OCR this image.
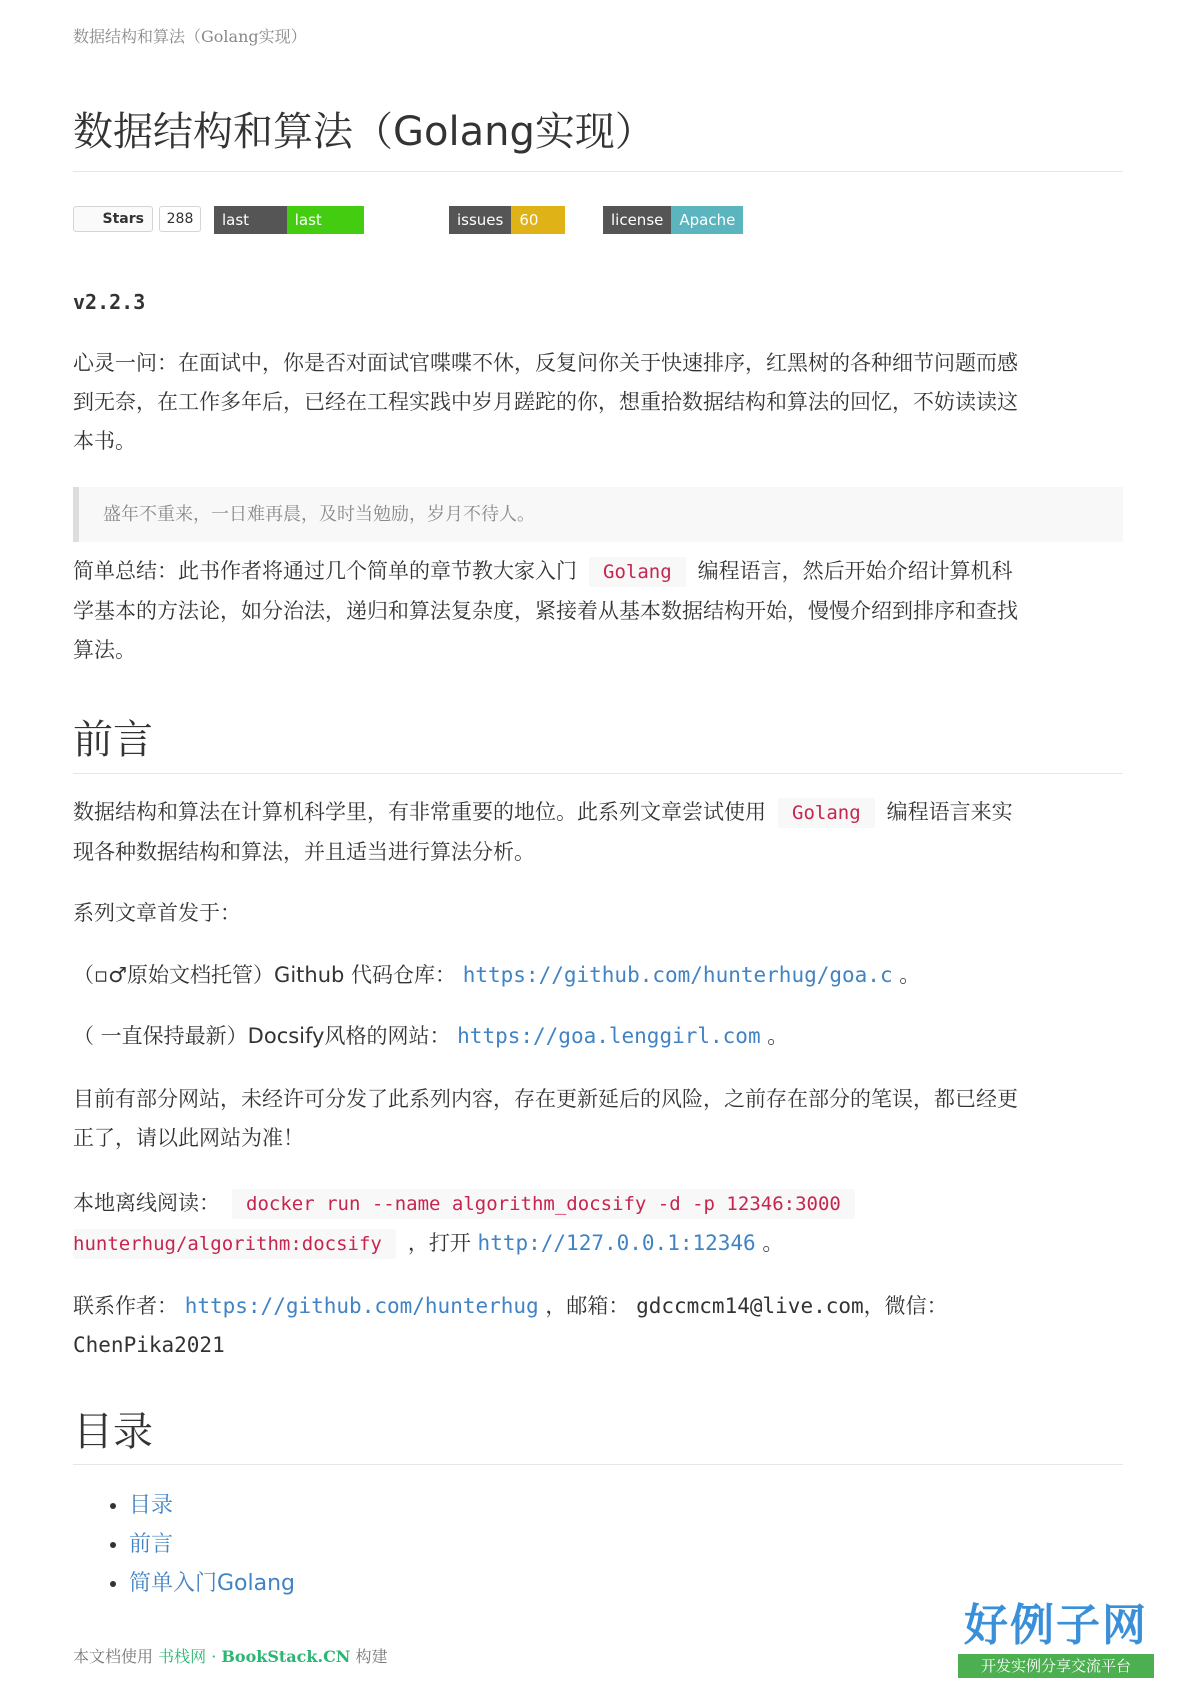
数据结构和算法（Golang实现）
数据结构和算法（Golang实现）
Stars	288	last commit
last monday
issues	60 open
license	Apache 2
v2.2.3

心灵一问：在面试中，你是否对面试官喋喋不休，反复问你关于快速排序，红黑树的各种细节问题而感
到无奈，在工作多年后，已经在工程实践中岁月蹉跎的你，想重拾数据结构和算法的回忆，不妨读读这
本书。

盛年不重来，一日难再晨，及时当勉励，岁月不待人。

简单总结：此书作者将通过几个简单的章节教大家入门 Golang 编程语言，然后开始介绍计算机科
学基本的方法论，如分治法，递归和算法复杂度，紧接着从基本数据结构开始，慢慢介绍到排序和查找
算法。

前言

数据结构和算法在计算机科学里，有非常重要的地位。此系列文章尝试使用 Golang 编程语言来实
现各种数据结构和算法，并且适当进行算法分析。

系列文章首发于：

（▫♂原始文档托管）Github 代码仓库： https://github.com/hunterhug/goa.c 。

（ 一直保持最新）Docsify风格的网站： https://goa.lenggirl.com 。

目前有部分网站，未经许可分发了此系列内容，存在更新延后的风险，之前存在部分的笔误，都已经更
正了，请以此网站为准！

本地离线阅读： docker run --name algorithm_docsify -d -p 12346:3000
hunterhug/algorithm:docsify ，打开 http://127.0.0.1:12346 。

联系作者： https://github.com/hunterhug ，邮箱： gdccmcm14@live.com，微信：
ChenPika2021

目录
• 目录
• 前言
• 简单入门Golang
本文档使用 书栈网 · BookStack.CN 构建
好例子网
开发实例分享交流平台
